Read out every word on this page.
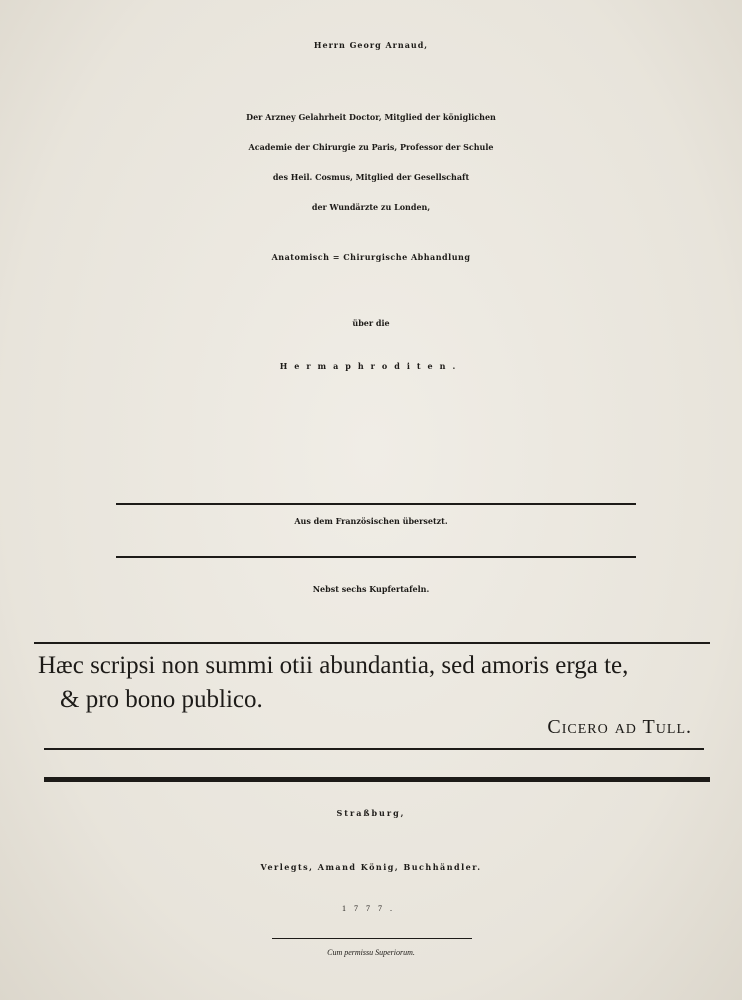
Herrn Georg Arnaud,
Der Arzney Gelahrheit Doctor, Mitglied der königlichen
Academie der Chirurgie zu Paris, Professor der Schule
des Heil. Cosmus, Mitglied der Gesellschaft
der Wundärzte zu Londen,
Anatomisch = Chirurgische Abhandlung
über die
Hermaphroditen.
Aus dem Französischen übersetzt.
Nebst sechs Kupfertafeln.
Hæc scripsi non summi otii abundantia, sed amoris erga te,
& pro bono publico.
Cicero ad Tull.
Straßburg,
Verlegts, Amand König, Buchhändler.
1777.
Cum permissu Superiorum.
